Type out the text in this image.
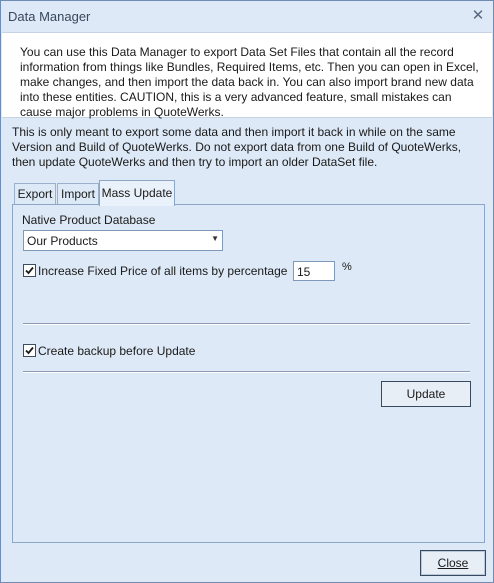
Data Manager	✕
You can use this Data Manager to export Data Set Files that contain all the record information from things like Bundles, Required Items, etc. Then you can open in Excel, make changes, and then import the data back in. You can also import brand new data into these entities. CAUTION, this is a very advanced feature, small mistakes can cause major problems in QuoteWerks.
This is only meant to export some data and then import it back in while on the same Version and Build of QuoteWerks. Do not export data from one Build of QuoteWerks, then update QuoteWerks and then try to import an older DataSet file.
Export Import Mass Update
Native Product Database
Our Products	▼
Increase Fixed Price of all items by percentage 15	%
Create backup before Update
Update
Close
